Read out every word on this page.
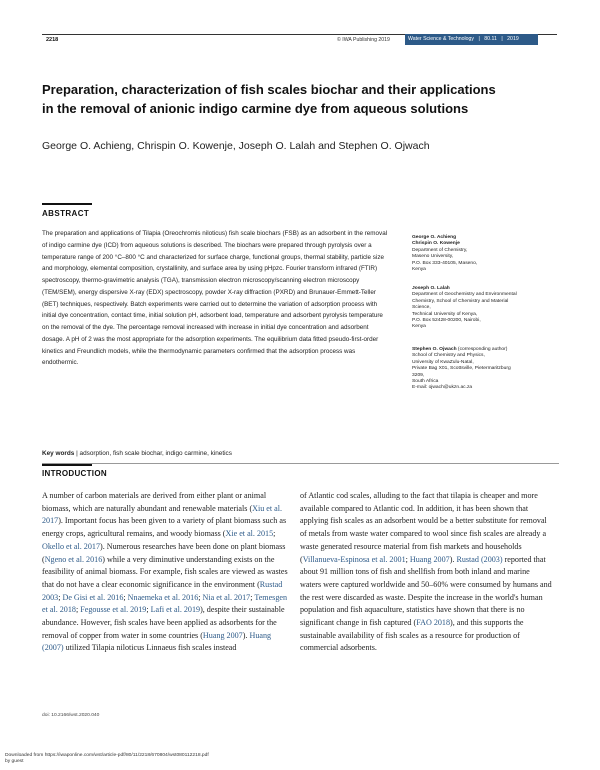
2218	© IWA Publishing 2019	Water Science & Technology | 80.11 | 2019
Preparation, characterization of fish scales biochar and their applications in the removal of anionic indigo carmine dye from aqueous solutions
George O. Achieng, Chrispin O. Kowenje, Joseph O. Lalah and Stephen O. Ojwach
ABSTRACT
The preparation and applications of Tilapia (Oreochromis niloticus) fish scale biochars (FSB) as an adsorbent in the removal of indigo carmine dye (ICD) from aqueous solutions is described. The biochars were prepared through pyrolysis over a temperature range of 200 °C–800 °C and characterized for surface charge, functional groups, thermal stability, particle size and morphology, elemental composition, crystallinity, and surface area by using pHpzc. Fourier transform infrared (FTIR) spectroscopy, thermo-gravimetric analysis (TGA), transmission electron microscopy/scanning electron microscopy (TEM/SEM), energy dispersive X-ray (EDX) spectroscopy, powder X-ray diffraction (PXRD) and Brunauer-Emmett-Teller (BET) techniques, respectively. Batch experiments were carried out to determine the variation of adsorption process with initial dye concentration, contact time, initial solution pH, adsorbent load, temperature and adsorbent pyrolysis temperature on the removal of the dye. The percentage removal increased with increase in initial dye concentration and adsorbent dosage. A pH of 2 was the most appropriate for the adsorption experiments. The equilibrium data fitted pseudo-first-order kinetics and Freundlich models, while the thermodynamic parameters confirmed that the adsorption process was endothermic.
Key words | adsorption, fish scale biochar, indigo carmine, kinetics
George O. Achieng
Chrispin O. Kowenje
Department of Chemistry,
Maseno University,
P.O. Box 333-40105, Maseno,
Kenya
Joseph O. Lalah
Department of Geochemistry and Environmental
Chemistry, School of Chemistry and Material
Science,
Technical University of Kenya,
P.O. Box 52428-00200, Nairobi,
Kenya
Stephen O. Ojwach (corresponding author)
School of Chemistry and Physics,
University of KwaZulu-Natal,
Private Bag X01, Scottsville, Pietermaritzburg
3209,
South Africa
E-mail: ojwach@ukzn.ac.za
INTRODUCTION
A number of carbon materials are derived from either plant or animal biomass, which are naturally abundant and renewable materials (Xiu et al. 2017). Important focus has been given to a variety of plant biomass such as energy crops, agricultural remains, and woody biomass (Xie et al. 2015; Okello et al. 2017). Numerous researches have been done on plant biomass (Ngeno et al. 2016) while a very diminutive understanding exists on the feasibility of animal biomass. For example, fish scales are viewed as wastes that do not have a clear economic significance in the environment (Rustad 2003; De Gisi et al. 2016; Nnaemeka et al. 2016; Nia et al. 2017; Temesgen et al. 2018; Fegousse et al. 2019; Lafi et al. 2019), despite their sustainable abundance. However, fish scales have been applied as adsorbents for the removal of copper from water in some countries (Huang 2007). Huang (2007) utilized Tilapia niloticus Linnaeus fish scales instead
of Atlantic cod scales, alluding to the fact that tilapia is cheaper and more available compared to Atlantic cod. In addition, it has been shown that applying fish scales as an adsorbent would be a better substitute for removal of metals from waste water compared to wool since fish scales are already a waste generated resource material from fish markets and households (Villanueva-Espinosa et al. 2001; Huang 2007). Rustad (2003) reported that about 91 million tons of fish and shellfish from both inland and marine waters were captured worldwide and 50–60% were consumed by humans and the rest were discarded as waste. Despite the increase in the world's human population and fish aquaculture, statistics have shown that there is no significant change in fish captured (FAO 2018), and this supports the sustainable availability of fish scales as a resource for production of commercial adsorbents.
doi: 10.2166/wst.2020.040
Downloaded from https://iwaponline.com/wst/article-pdf/80/11/2218/670804/wst080112218.pdf
by guest
